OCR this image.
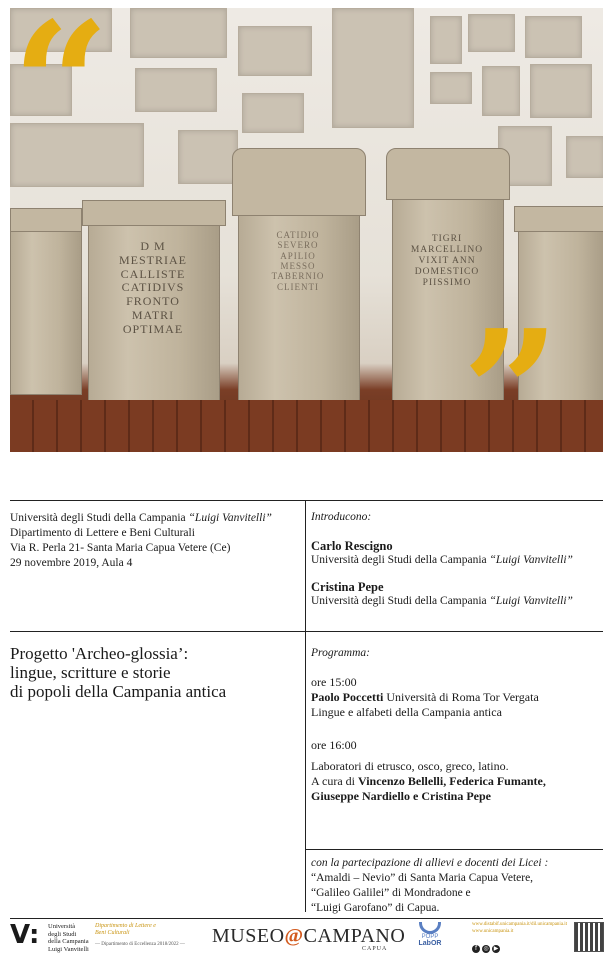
D M
MESTRIAE
CALLISTE
CATIDIVS
FRONTO
MATRI
OPTIMAE
CATIDIO
SEVERO
APILIO
MESSO
TABERNIO
CLIENTI
TIGRI
MARCELLINO
VIXIT ANN
DOMESTICO
PIISSIMO
“
”
Università degli Studi della Campania “Luigi Vanvitelli”
Dipartimento di Lettere e Beni Culturali
Via R. Perla 21- Santa Maria Capua Vetere (Ce)
29 novembre 2019, Aula 4
Introducono:
Carlo Rescigno
Università degli Studi della Campania “Luigi Vanvitelli”
Cristina Pepe
Università degli Studi della Campania “Luigi Vanvitelli”
Progetto 'Archeo-glossia’:
lingue, scritture e storie
di popoli della Campania antica
Programma:
ore 15:00
Paolo Poccetti Università di Roma Tor Vergata
Lingue e alfabeti della Campania antica
ore 16:00
Laboratori di etrusco, osco, greco, latino.
A cura di Vincenzo Bellelli, Federica Fumante,
Giuseppe Nardiello e Cristina Pepe
con la partecipazione di allievi e docenti dei Licei :
“Amaldi – Nevio” di Santa Maria Capua Vetere,
“Galileo Galilei” di Mondradone e
“Luigi Garofano” di Capua.
V: Università
degli Studi
della Campania
Luigi Vanvitelli
Dipartimento di Lettere e
Beni Culturali
— Dipartimento di Eccellenza 2018/2022 — MUSEO@CAMPANO
CAPUA
POPP
LabOR
www.distabif.unicampania.it/dil.unicampania.it
www.unicampania.it
f ◎ ▶
